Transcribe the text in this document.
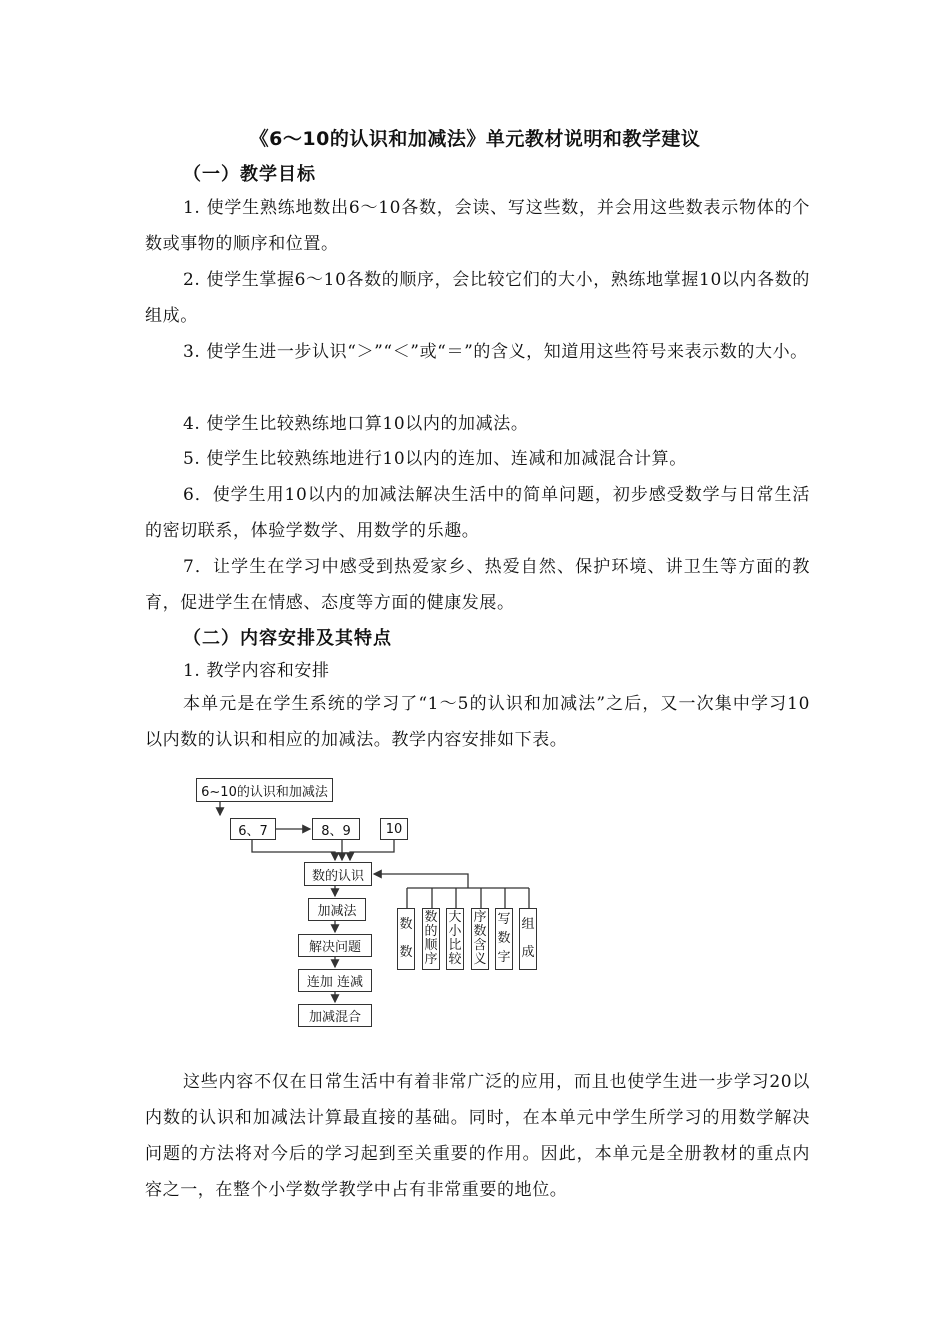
《6～10的认识和加减法》单元教材说明和教学建议
（一）教学目标
1. 使学生熟练地数出6～10各数，会读、写这些数，并会用这些数表示物体的个数或事物的顺序和位置。
2. 使学生掌握6～10各数的顺序，会比较它们的大小，熟练地掌握10以内各数的组成。
3. 使学生进一步认识“＞”“＜”或“＝”的含义，知道用这些符号来表示数的大小。
4. 使学生比较熟练地口算10以内的加减法。
5. 使学生比较熟练地进行10以内的连加、连减和加减混合计算。
6．使学生用10以内的加减法解决生活中的简单问题，初步感受数学与日常生活的密切联系，体验学数学、用数学的乐趣。
7．让学生在学习中感受到热爱家乡、热爱自然、保护环境、讲卫生等方面的教育，促进学生在情感、态度等方面的健康发展。
（二）内容安排及其特点
1. 教学内容和安排
本单元是在学生系统的学习了“1～5的认识和加减法”之后，又一次集中学习10以内数的认识和相应的加减法。教学内容安排如下表。
6~10的认识和加减法
6、7	8、9	10
数的认识
加减法
解决问题
连加 连减
加减混合
数
数
数
的
顺
序
大
小
比
较
序
数
含
义
写
数
字
组
成
这些内容不仅在日常生活中有着非常广泛的应用，而且也使学生进一步学习20以内数的认识和加减法计算最直接的基础。同时，在本单元中学生所学习的用数学解决问题的方法将对今后的学习起到至关重要的作用。因此，本单元是全册教材的重点内容之一，在整个小学数学教学中占有非常重要的地位。
